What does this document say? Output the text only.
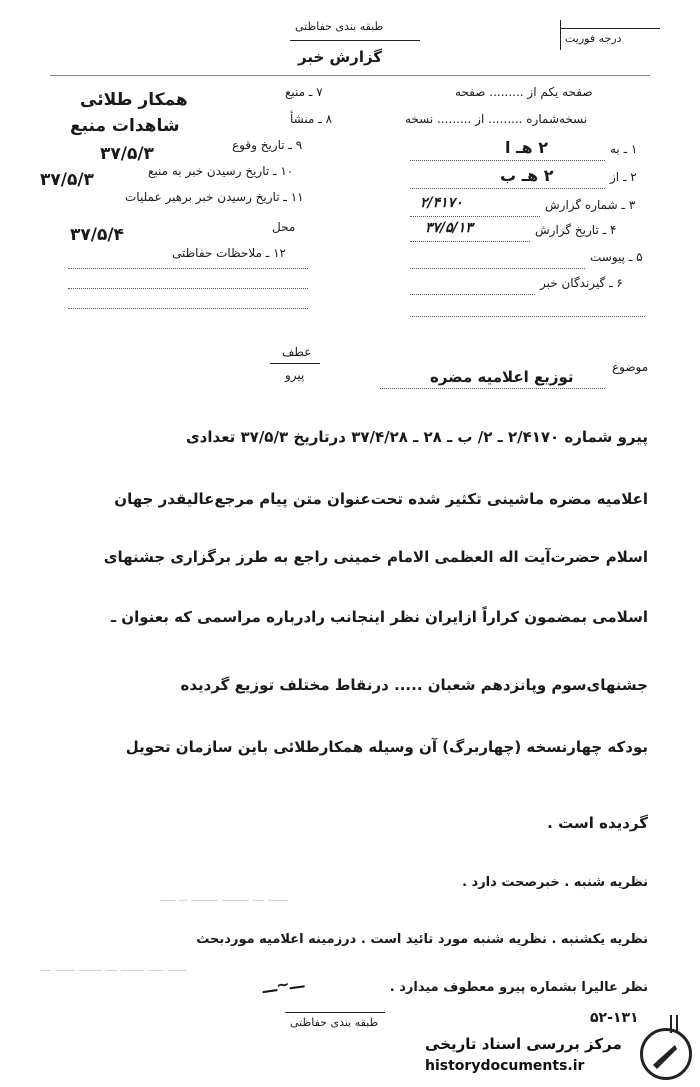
طبقه بندی حفاظتی
گزارش خبر
درجه فوریت
صفحه یکم از ......... صفحه
نسخه‌شماره ......... از ......... نسخه
۱ ـ به
۲ هـ ا
۲ ـ از
۲ هـ ب
۳ ـ شماره گزارش
۲/۴۱۷۰
۴ ـ تاریخ گزارش
۳۷/۵/۱۳
۵ ـ پیوست
۶ ـ گیرندگان خبر
۷ ـ منبع
همکار طلائی
۸ ـ منشأ
شاهدات منبع
۹ ـ تاریخ وقوع
۳۷/۵/۳
۱۰ ـ تاریخ رسیدن خبر به منبع
۳۷/۵/۳
۱۱ ـ تاریخ رسیدن خبر برهبر عملیات
محل
۳۷/۵/۴
۱۲ ـ ملاحظات حفاظتی
عطف
پیرو
موضوع
توزیع اعلامیه مضره
پیرو شماره ۲/۴۱۷۰ ـ ۲/ ب ـ ۲۸ ـ ۳۷/۴/۲۸ درتاریخ ۳۷/۵/۳ تعدادی
اعلامیه مضره ماشینی تکثیر شده تحت‌عنوان متن پیام مرجع‌عالیقدر جهان
اسلام حضرت‌آیت اله العظمی الامام خمینی راجع به طرز برگزاری جشنهای
اسلامی بمضمون کراراً ازایران نظر اینجانب رادرباره مراسمی که بعنوان ـ
جشنهای‌سوم وپانزدهم شعبان ..... درنقاط مختلف توزیع گردیده
بودکه چهارنسخه (چهاربرگ) آن وسیله همکارطلائی باین سازمان تحویل
گردیده است .
ـــــ ـــ ـــــــ ـــــــ ــ ــــ
ـــــ ــــ ــــــ ـــ ــــــ ـــــ ـــ
نظریه شنبه . خبرصحت دارد .
نظریه یکشنبه . نظریه شنبه مورد تائید است . درزمینه اعلامیه موردبحث
نظر عالیرا بشماره پیرو معطوف میدارد .
ـــ~ـــ
طبقه بندی حفاظتی	۵۲-۱۳۱
مرکز بررسی اسناد تاریخی
historydocuments.ir
